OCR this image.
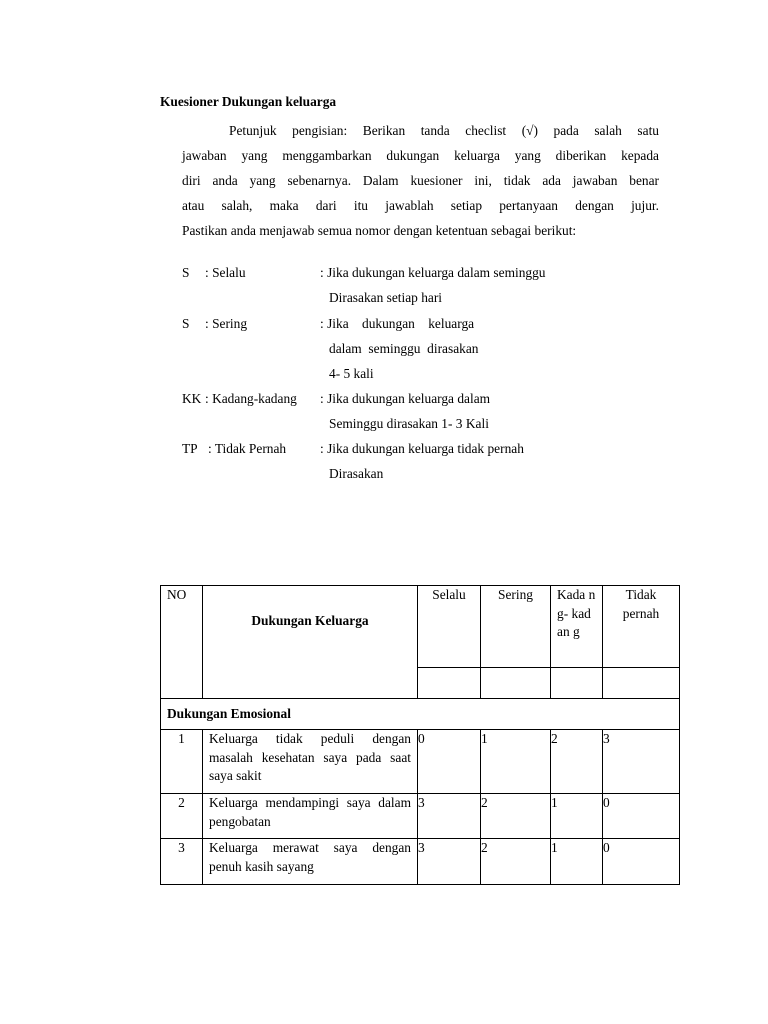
Kuesioner Dukungan keluarga
Petunjuk pengisian: Berikan tanda checlist (√) pada salah satu
jawaban yang menggambarkan dukungan keluarga yang diberikan kepada
diri anda yang sebenarnya. Dalam kuesioner ini, tidak ada jawaban benar
atau salah, maka dari itu jawablah setiap pertanyaan dengan jujur.
Pastikan anda menjawab semua nomor dengan ketentuan sebagai berikut:
S : Selalu	: Jika dukungan keluarga dalam seminggu
Dirasakan setiap hari
S : Sering	: Jika    dukungan    keluarga
dalam  seminggu  dirasakan
4- 5 kali
KK : Kadang-kadang : Jika dukungan keluarga dalam
Seminggu dirasakan 1- 3 Kali
TP : Tidak Pernah	: Jika dukungan keluarga tidak pernah
Dirasakan
NO	Dukungan Keluarga	Selalu	Sering	Kada ng- kadan g	Tidak pernah

Dukungan Emosional					
1	Keluarga tidak peduli dengan masalah kesehatan saya pada saat saya sakit	0	1	2	3
2	Keluarga mendampingi saya dalam pengobatan	3	2	1	0
3	Keluarga merawat saya dengan penuh kasih sayang	3	2	1	0
